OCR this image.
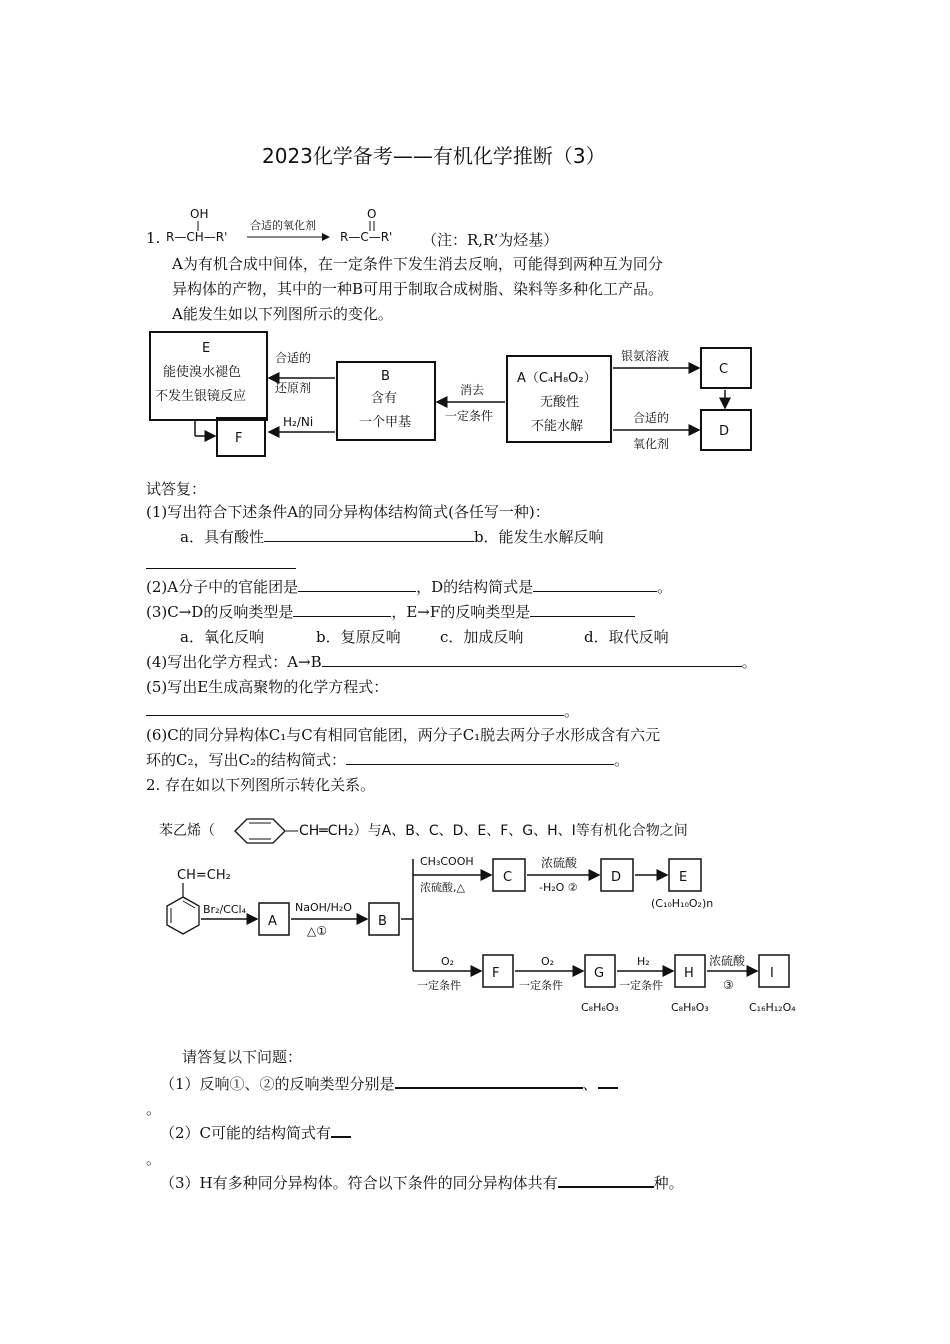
2023化学备考——有机化学推断（3）
1.
OH
R—CH—R'
合适的氧化剂
O
R—C—R' （注：R,R’为烃基）
A为有机合成中间体，在一定条件下发生消去反响，可能得到两种互为同分
异构体的产物，其中的一种B可用于制取合成树脂、染料等多种化工产品。
A能发生如以下列图所示的变化。
E
能使溴水褪色
不发生银镜反应
B
含有
一个甲基
A（C₄H₈O₂）
无酸性
不能水解
F
C
D
合适的
还原剂
H₂/Ni
消去
一定条件
银氨溶液
合适的
氧化剂
试答复：
(1)写出符合下述条件A的同分异构体结构简式(各任写一种)：
a．具有酸性	b．能发生水解反响
(2)A分子中的官能团是	，D的结构简式是	。
(3)C→D的反响类型是	，E→F的反响类型是
a．氧化反响	b．复原反响	c．加成反响	d．取代反响
(4)写出化学方程式：A→B	。
(5)写出E生成高聚物的化学方程式：
。
(6)C的同分异构体C₁与C有相同官能团，两分子C₁脱去两分子水形成含有六元
环的C₂，写出C₂的结构简式：	。
2. 存在如以下列图所示转化关系。
苯乙烯（	—CH═CH₂）与A、B、C、D、E、F、G、H、I等有机化合物之间
CH=CH₂
Br₂/CCl₄
A
NaOH/H₂O
△①
B
CH₃COOH
浓硫酸,△
C
浓硫酸
-H₂O ②
D	E
(C₁₀H₁₀O₂)n
O₂
一定条件
F
O₂
一定条件
G
C₈H₆O₃
H₂
一定条件
H
C₈H₈O₃
浓硫酸
③
I
C₁₆H₁₂O₄
请答复以下问题：
（1）反响①、②的反响类型分别是	、
。
（2）C可能的结构简式有
。
（3）H有多种同分异构体。符合以下条件的同分异构体共有	种。
